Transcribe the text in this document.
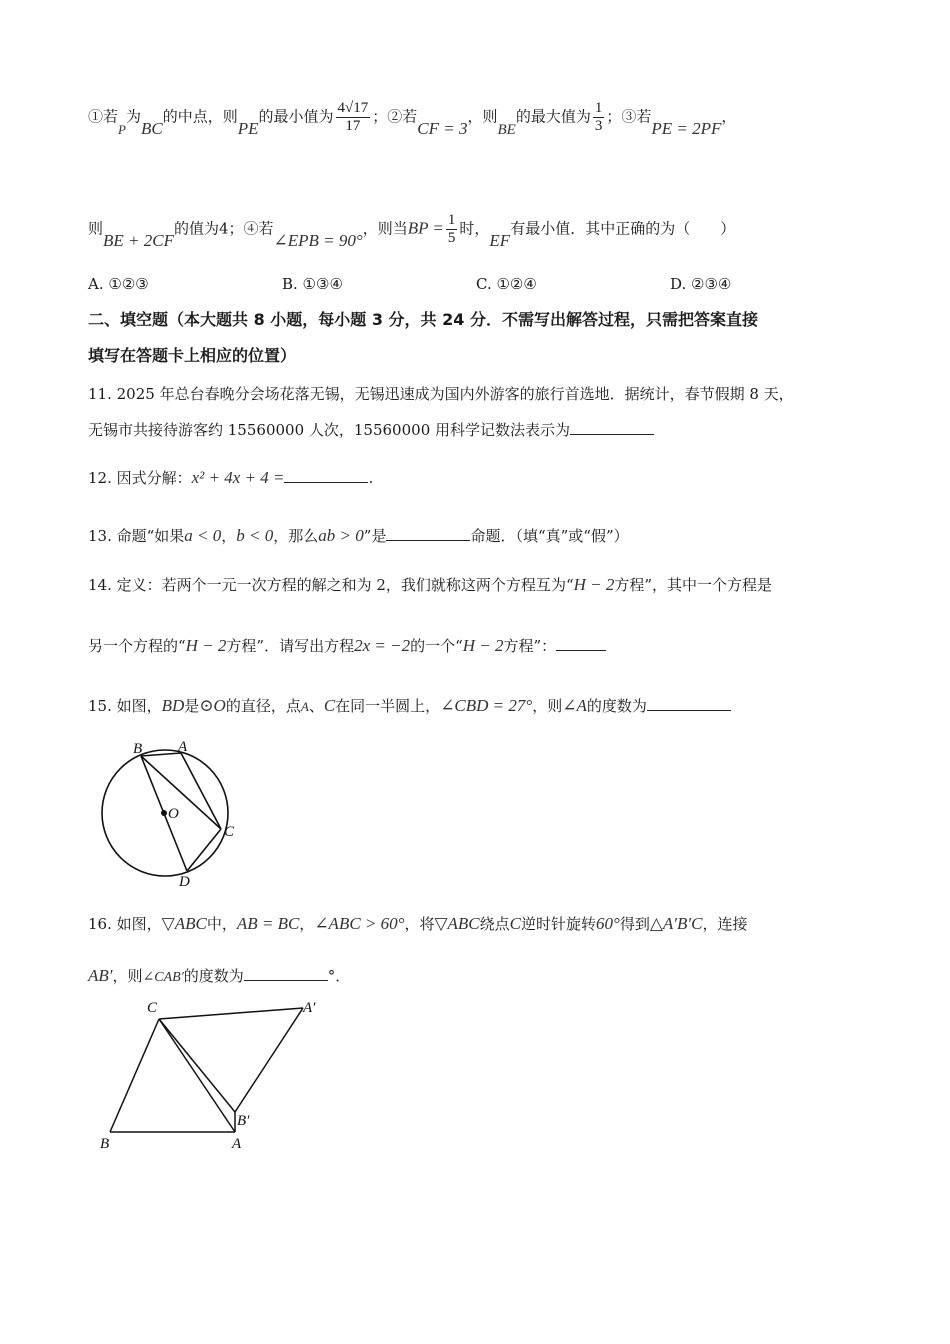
①若P为BC的中点，则PE的最小值为 $\frac{4√17}{17}$ ；②若CF = 3，则BE的最大值为 $\frac{1}{3}$ ；③若PE = 2PF，
则BE + 2CF的值为4；④若∠EPB = 90°，则当BP = $\frac{1}{5}$ 时，EF有最小值．其中正确的为（　　）
A. ①②③	B. ①③④	C. ①②④	D. ②③④
二、填空题（本大题共 8 小题，每小题 3 分，共 24 分．不需写出解答过程，只需把答案直接
填写在答题卡上相应的位置）
11. 2025 年总台春晚分会场花落无锡，无锡迅速成为国内外游客的旅行首选地．据统计，春节假期 8 天，
无锡市共接待游客约 15560000 人次，15560000 用科学记数法表示为
12. 因式分解：x² + 4x + 4 =	.
13. 命题“如果a < 0，b < 0，那么ab > 0”是	命题．（填“真”或“假”）
14. 定义：若两个一元一次方程的解之和为 2，我们就称这两个方程互为“H − 2方程”，其中一个方程是
另一个方程的“H − 2方程”．请写出方程2x = −2的一个“H − 2方程”：
15. 如图，BD是⊙O的直径，点A、C在同一半圆上，∠CBD = 27°，则∠A的度数为
B A
O
C
D
16. 如图，▽ABC中，AB = BC，∠ABC > 60°，将▽ABC绕点C逆时针旋转60°得到△A′B′C，连接
AB′，则∠CAB′的度数为	°．
C	A′
B′
B	A
